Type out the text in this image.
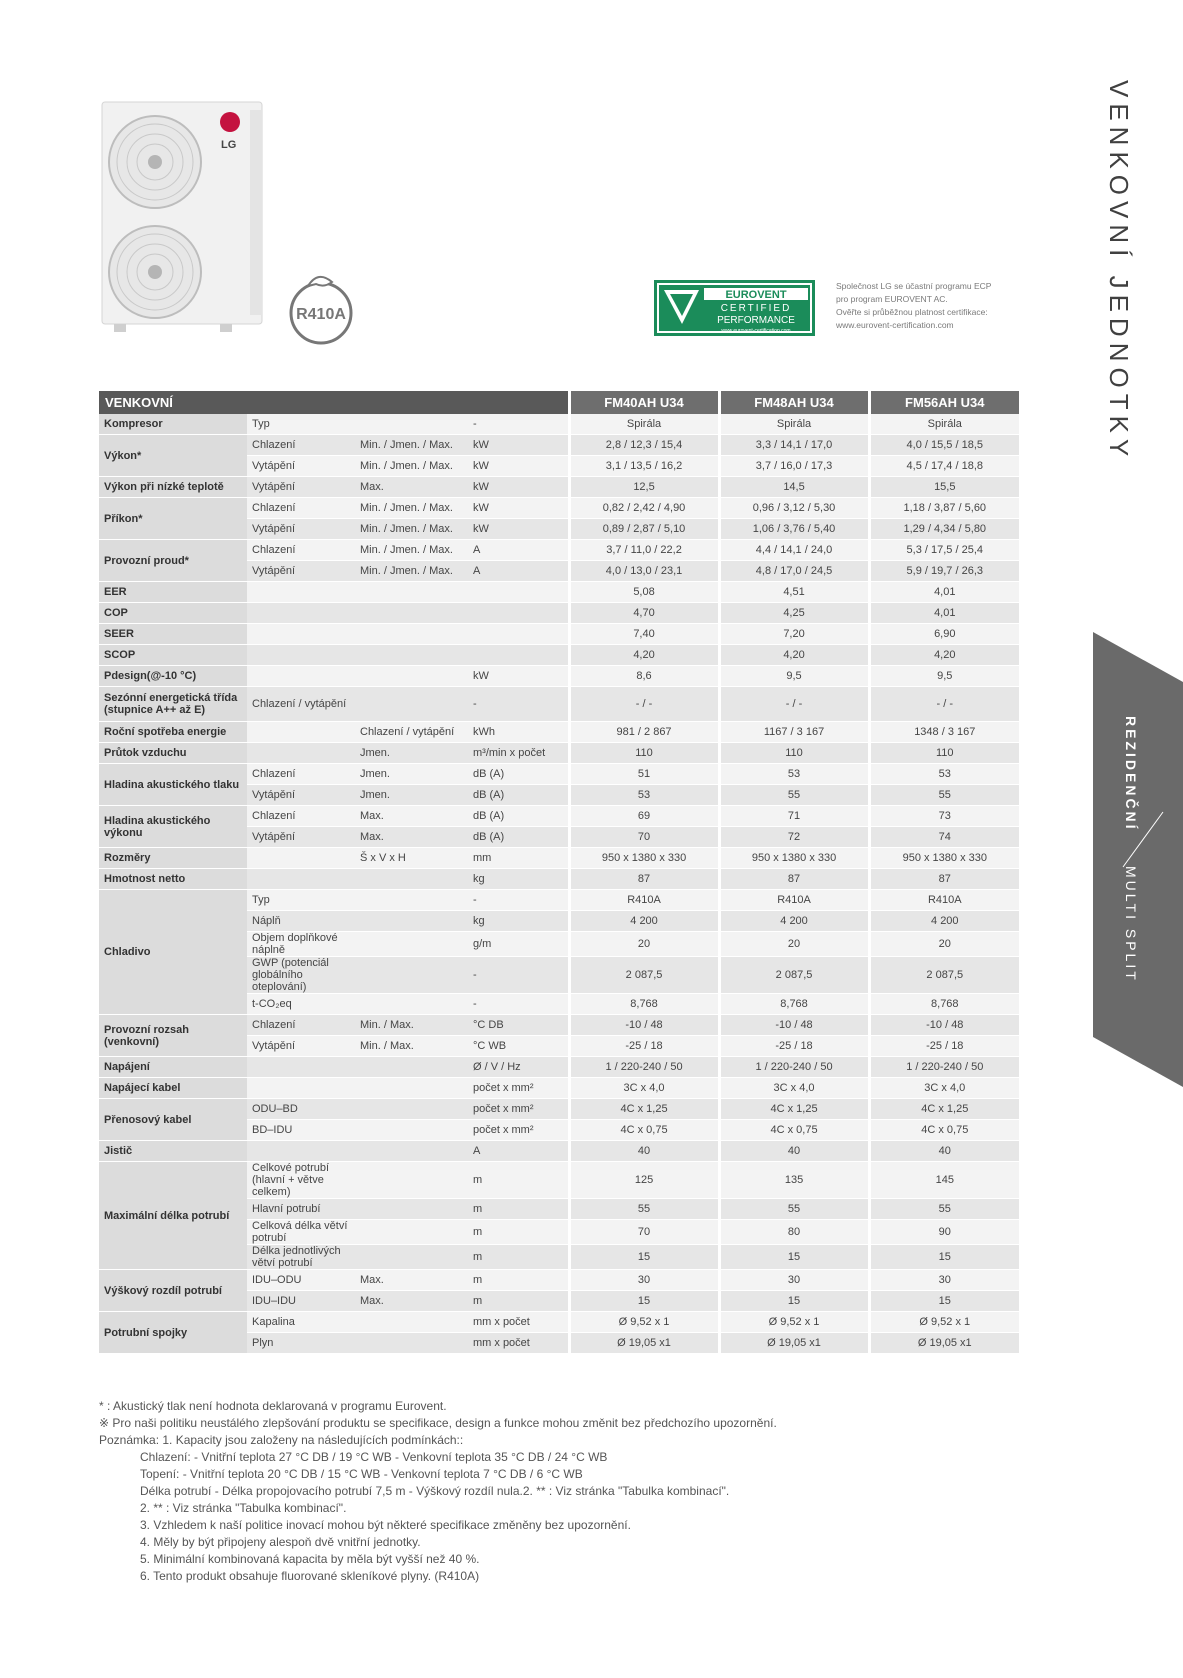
VENKOVNÍ JEDNOTKY
REZIDENČNÍ
MULTI SPLIT
LG
R410A
EUROVENT
CERTIFIED
PERFORMANCE
www.eurovent-certification.com
Společnost LG se účastní programu ECP
pro program EUROVENT AC.
Ověřte si průběžnou platnost certifikace:
www.eurovent-certification.com
VENKOVNÍ				FM40AH U34	FM48AH U34	FM56AH U34
Kompresor	Typ		-	Spirála	Spirála	Spirála
Výkon*	Chlazení	Min. / Jmen. / Max.	kW	2,8 / 12,3 / 15,4	3,3 / 14,1 / 17,0	4,0 / 15,5 / 18,5
	Vytápění	Min. / Jmen. / Max.	kW	3,1 / 13,5 / 16,2	3,7 / 16,0 / 17,3	4,5 / 17,4 / 18,8
Výkon při nízké teplotě	Vytápění	Max.	kW	12,5	14,5	15,5
Příkon*	Chlazení	Min. / Jmen. / Max.	kW	0,82 / 2,42 / 4,90	0,96 / 3,12 / 5,30	1,18 / 3,87 / 5,60
	Vytápění	Min. / Jmen. / Max.	kW	0,89 / 2,87 / 5,10	1,06 / 3,76 / 5,40	1,29 / 4,34 / 5,80
Provozní proud*	Chlazení	Min. / Jmen. / Max.	A	3,7 / 11,0 / 22,2	4,4 / 14,1 / 24,0	5,3 / 17,5 / 25,4
	Vytápění	Min. / Jmen. / Max.	A	4,0 / 13,0 / 23,1	4,8 / 17,0 / 24,5	5,9 / 19,7 / 26,3
EER				5,08	4,51	4,01
COP				4,70	4,25	4,01
SEER				7,40	7,20	6,90
SCOP				4,20	4,20	4,20
Pdesign(@-10 °C)			kW	8,6	9,5	9,5
Sezónní energetická třída (stupnice A++ až E)	Chlazení / vytápění		-	- / -	- / -	- / -
Roční spotřeba energie		Chlazení / vytápění	kWh	981 / 2 867	1167 / 3 167	1348 / 3 167
Průtok vzduchu		Jmen.	m³/min x počet	110	110	110
Hladina akustického tlaku	Chlazení	Jmen.	dB (A)	51	53	53
	Vytápění	Jmen.	dB (A)	53	55	55
Hladina akustického výkonu	Chlazení	Max.	dB (A)	69	71	73
	Vytápění	Max.	dB (A)	70	72	74
Rozměry		Š x V x H	mm	950 x 1380 x 330	950 x 1380 x 330	950 x 1380 x 330
Hmotnost netto			kg	87	87	87
Chladivo	Typ		-	R410A	R410A	R410A
	Náplň		kg	4 200	4 200	4 200
	Objem doplňkové náplně		g/m	20	20	20
	GWP (potenciál globálního oteplování)		-	2 087,5	2 087,5	2 087,5
	t-CO₂eq		-	8,768	8,768	8,768
Provozní rozsah (venkovní)	Chlazení	Min. / Max.	°C DB	-10 / 48	-10 / 48	-10 / 48
	Vytápění	Min. / Max.	°C WB	-25 / 18	-25 / 18	-25 / 18
Napájení			Ø / V / Hz	1 / 220-240 / 50	1 / 220-240 / 50	1 / 220-240 / 50
Napájecí kabel			počet x mm²	3C x 4,0	3C x 4,0	3C x 4,0
Přenosový kabel	ODU–BD		počet x mm²	4C x 1,25	4C x 1,25	4C x 1,25
	BD–IDU		počet x mm²	4C x 0,75	4C x 0,75	4C x 0,75
Jistič			A	40	40	40
Maximální délka potrubí	Celkové potrubí (hlavní + větve celkem)		m	125	135	145
	Hlavní potrubí		m	55	55	55
	Celková délka větví potrubí		m	70	80	90
	Délka jednotlivých větví potrubí		m	15	15	15
Výškový rozdíl potrubí	IDU–ODU	Max.	m	30	30	30
	IDU–IDU	Max.	m	15	15	15
Potrubní spojky	Kapalina		mm x počet	Ø 9,52 x 1	Ø 9,52 x 1	Ø 9,52 x 1
	Plyn		mm x počet	Ø 19,05 x1	Ø 19,05 x1	Ø 19,05 x1
* : Akustický tlak není hodnota deklarovaná v programu Eurovent.
※ Pro naši politiku neustálého zlepšování produktu se specifikace, design a funkce mohou změnit bez předchozího upozornění.
Poznámka: 1. Kapacity jsou založeny na následujících podmínkách::
Chlazení: - Vnitřní teplota 27 °C DB / 19 °C WB - Venkovní teplota 35 °C DB / 24 °C WB
Topení: - Vnitřní teplota 20 °C DB / 15 °C WB - Venkovní teplota 7 °C DB / 6 °C WB
Délka potrubí - Délka propojovacího potrubí 7,5 m - Výškový rozdíl nula.2. ** : Viz stránka "Tabulka kombinací".
2. ** : Viz stránka "Tabulka kombinací".
3. Vzhledem k naší politice inovací mohou být některé specifikace změněny bez upozornění.
4. Měly by být připojeny alespoň dvě vnitřní jednotky.
5. Minimální kombinovaná kapacita by měla být vyšší než 40 %.
6. Tento produkt obsahuje fluorované skleníkové plyny. (R410A)
